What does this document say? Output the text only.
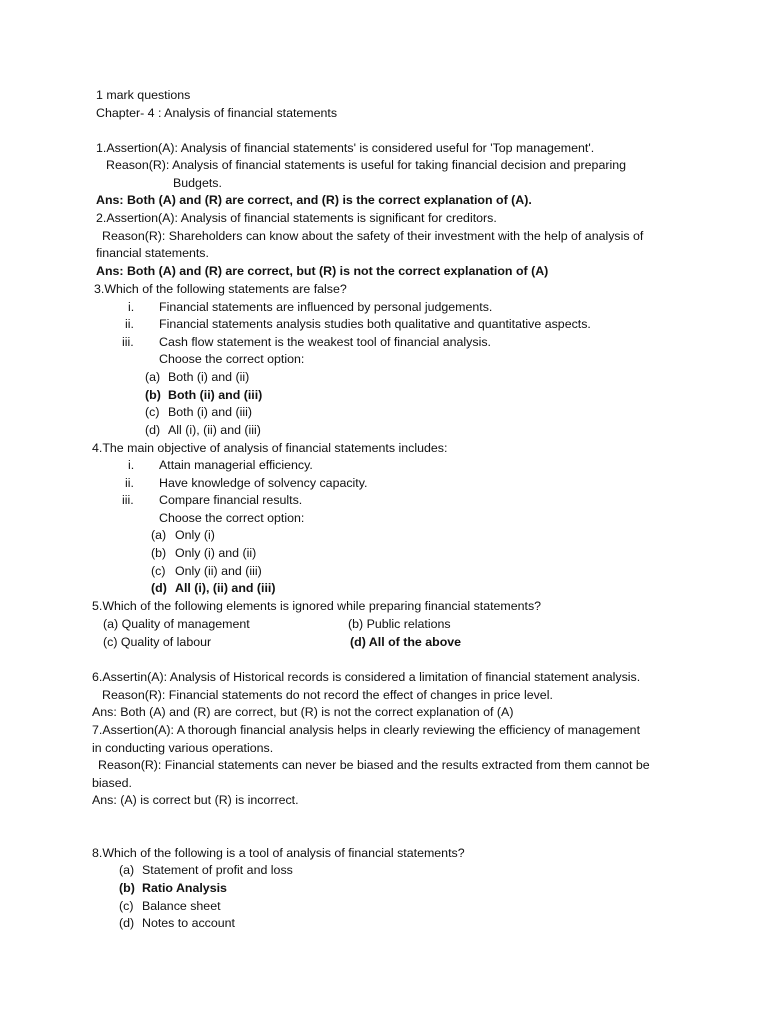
1 mark questions
Chapter- 4 : Analysis of financial statements
1.Assertion(A): Analysis of financial statements' is considered useful for 'Top management'.
Reason(R): Analysis of financial statements is useful for taking financial decision and preparing
Budgets.
Ans: Both (A) and (R) are correct, and (R) is the correct explanation of (A).
2.Assertion(A): Analysis of financial statements is significant for creditors.
Reason(R): Shareholders can know about the safety of their investment with the help of analysis of
financial statements.
Ans: Both (A) and (R) are correct, but (R) is not the correct explanation of (A)
3.Which of the following statements are false?
i. Financial statements are influenced by personal judgements.
ii. Financial statements analysis studies both qualitative and quantitative aspects.
iii. Cash flow statement is the weakest tool of financial analysis.
Choose the correct option:
(a) Both (i) and (ii)
(b) Both (ii) and (iii)
(c) Both (i) and (iii)
(d) All (i), (ii) and (iii)
4.The main objective of analysis of financial statements includes:
i. Attain managerial efficiency.
ii. Have knowledge of solvency capacity.
iii. Compare financial results.
Choose the correct option:
(a) Only (i)
(b) Only (i) and (ii)
(c) Only (ii) and (iii)
(d) All (i), (ii) and (iii)
5.Which of the following elements is ignored while preparing financial statements?
(a) Quality of management	(b) Public relations
(c) Quality of labour	(d) All of the above
6.Assertin(A): Analysis of Historical records is considered a limitation of financial statement analysis.
Reason(R): Financial statements do not record the effect of changes in price level.
Ans: Both (A) and (R) are correct, but (R) is not the correct explanation of (A)
7.Assertion(A): A thorough financial analysis helps in clearly reviewing the efficiency of management
in conducting various operations.
Reason(R): Financial statements can never be biased and the results extracted from them cannot be
biased.
Ans: (A) is correct but (R) is incorrect.
8.Which of the following is a tool of analysis of financial statements?
(a) Statement of profit and loss
(b) Ratio Analysis
(c) Balance sheet
(d) Notes to account
